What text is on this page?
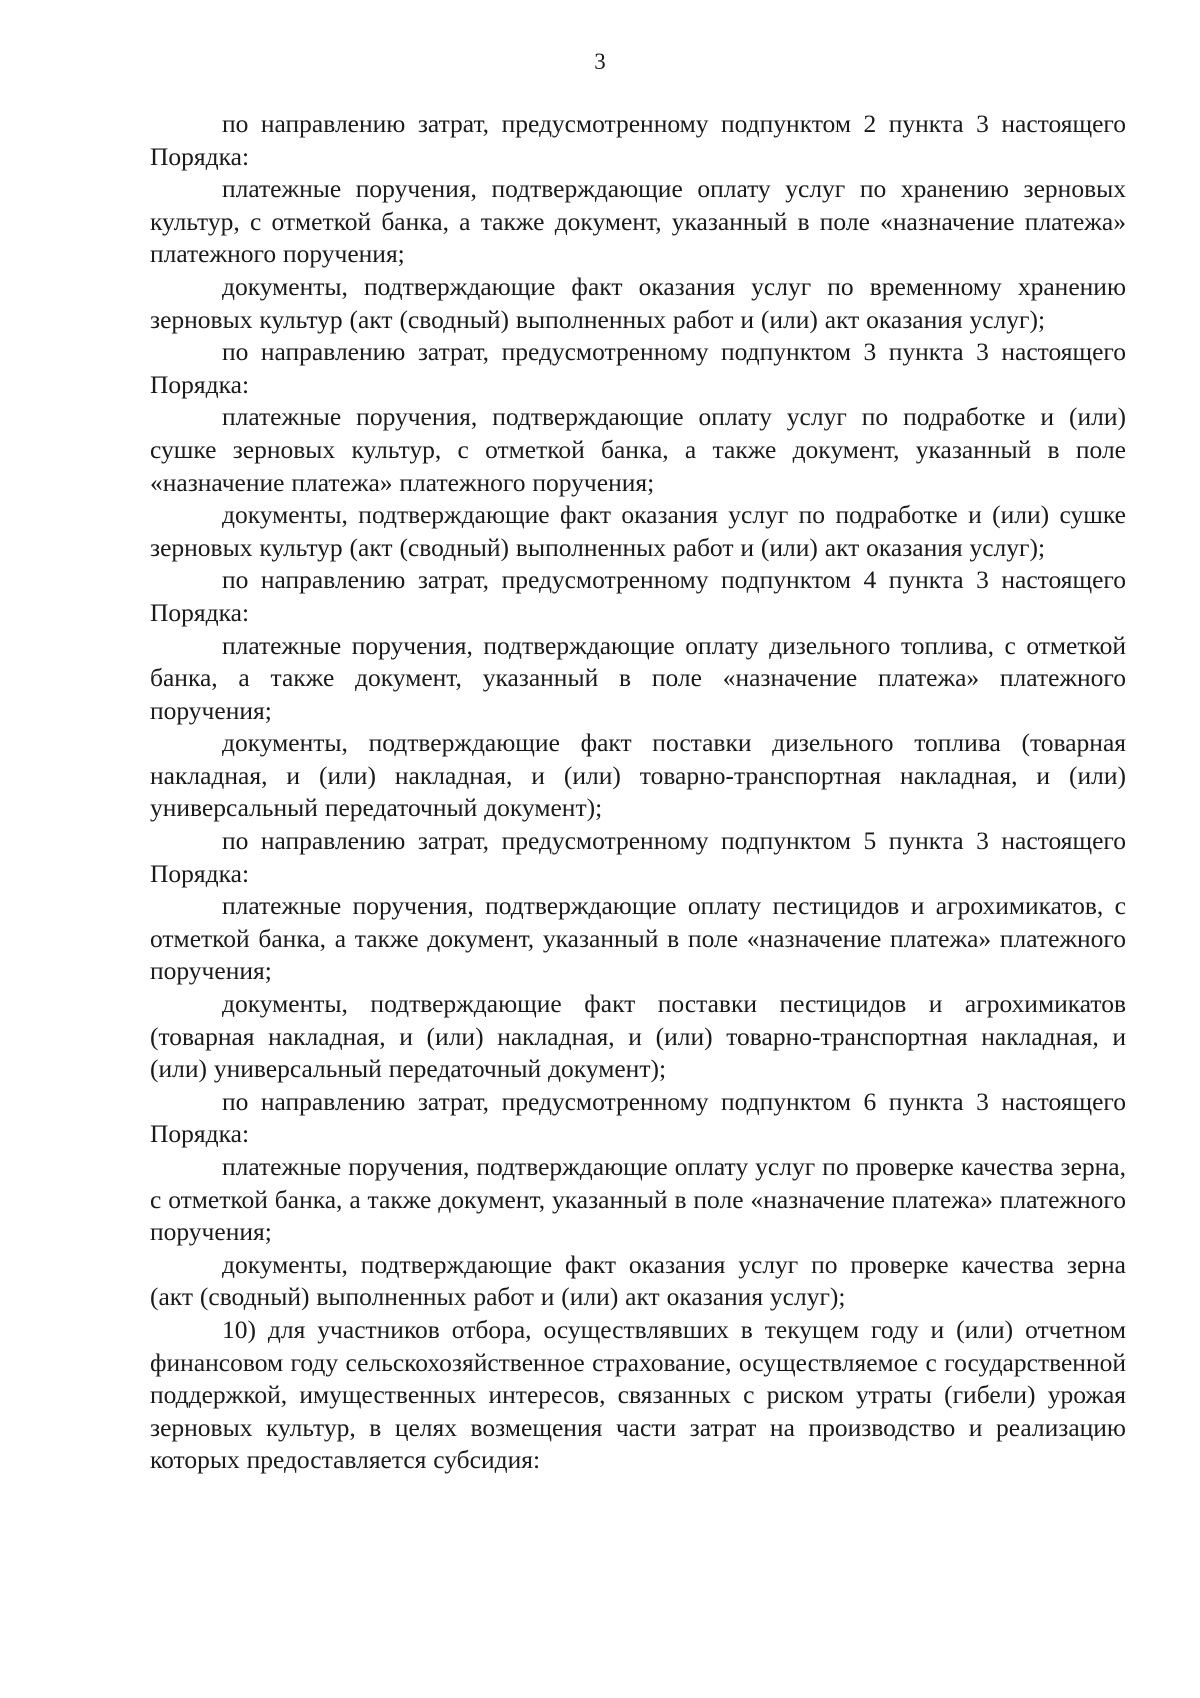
3

по направлению затрат, предусмотренному подпунктом 2 пункта 3 настоящего Порядка:

платежные поручения, подтверждающие оплату услуг по хранению зерновых культур, с отметкой банка, а также документ, указанный в поле «назначение платежа» платежного поручения;

документы, подтверждающие факт оказания услуг по временному хранению зерновых культур (акт (сводный) выполненных работ и (или) акт оказания услуг);

по направлению затрат, предусмотренному подпунктом 3 пункта 3 настоящего Порядка:

платежные поручения, подтверждающие оплату услуг по подработке и (или) сушке зерновых культур, с отметкой банка, а также документ, указанный в поле «назначение платежа» платежного поручения;

документы, подтверждающие факт оказания услуг по подработке и (или) сушке зерновых культур (акт (сводный) выполненных работ и (или) акт оказания услуг);

по направлению затрат, предусмотренному подпунктом 4 пункта 3 настоящего Порядка:

платежные поручения, подтверждающие оплату дизельного топлива, с отметкой банка, а также документ, указанный в поле «назначение платежа» платежного поручения;

документы, подтверждающие факт поставки дизельного топлива (товарная накладная, и (или) накладная, и (или) товарно-транспортная накладная, и (или) универсальный передаточный документ);

по направлению затрат, предусмотренному подпунктом 5 пункта 3 настоящего Порядка:

платежные поручения, подтверждающие оплату пестицидов и агрохимикатов, с отметкой банка, а также документ, указанный в поле «назначение платежа» платежного поручения;

документы, подтверждающие факт поставки пестицидов и агрохимикатов (товарная накладная, и (или) накладная, и (или) товарно-транспортная накладная, и (или) универсальный передаточный документ);

по направлению затрат, предусмотренному подпунктом 6 пункта 3 настоящего Порядка:

платежные поручения, подтверждающие оплату услуг по проверке качества зерна, с отметкой банка, а также документ, указанный в поле «назначение платежа» платежного поручения;

документы, подтверждающие факт оказания услуг по проверке качества зерна (акт (сводный) выполненных работ и (или) акт оказания услуг);

10) для участников отбора, осуществлявших в текущем году и (или) отчетном финансовом году сельскохозяйственное страхование, осуществляемое с государственной поддержкой, имущественных интересов, связанных с риском утраты (гибели) урожая зерновых культур, в целях возмещения части затрат на производство и реализацию которых предоставляется субсидия:
